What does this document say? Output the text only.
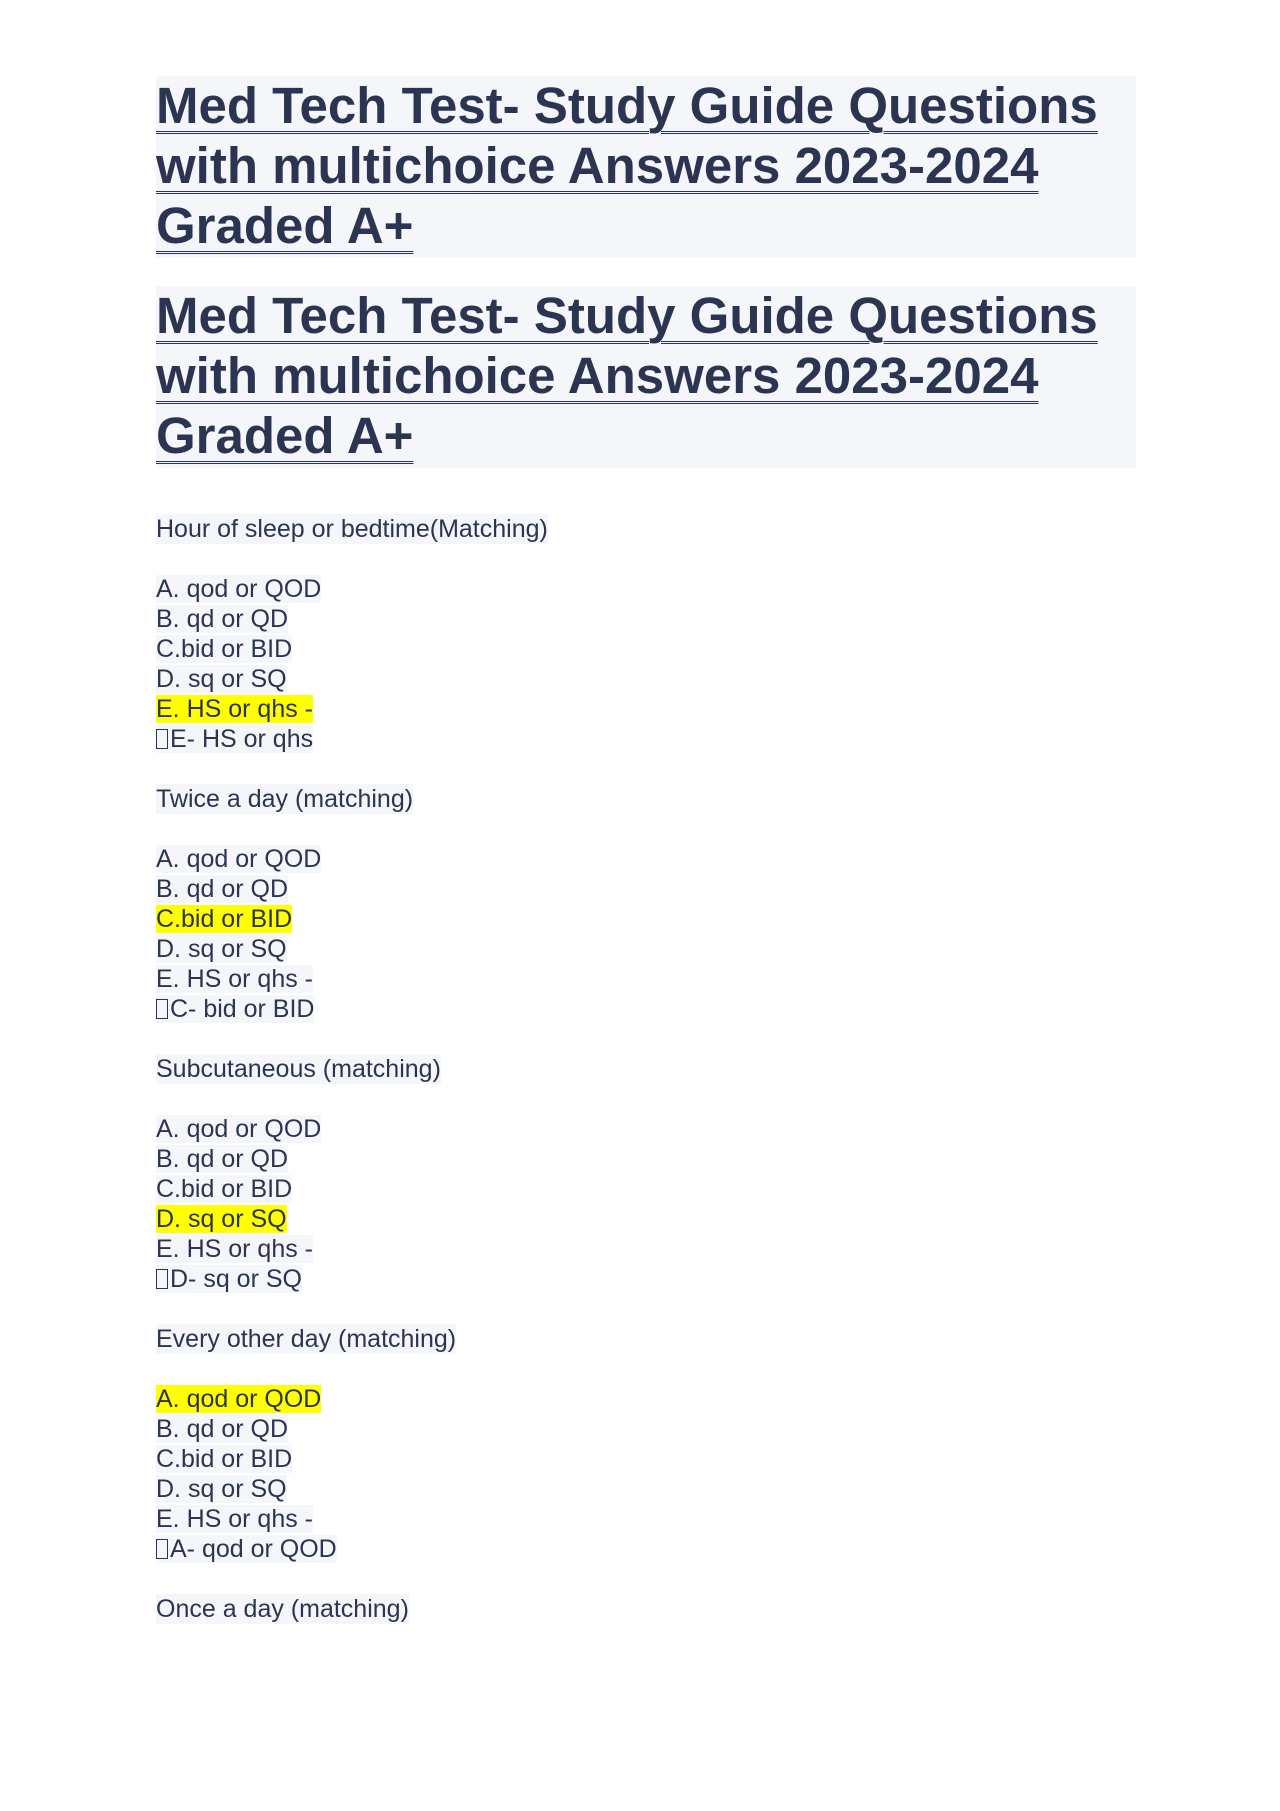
Med Tech Test- Study Guide Questions with multichoice Answers 2023-2024 Graded A+
Med Tech Test- Study Guide Questions with multichoice Answers 2023-2024 Graded A+

Hour of sleep or bedtime(Matching)

A. qod or QOD
B. qd or QD
C.bid or BID
D. sq or SQ
E. HS or qhs -
E- HS or qhs

Twice a day (matching)

A. qod or QOD
B. qd or QD
C.bid or BID
D. sq or SQ
E. HS or qhs -
C- bid or BID

Subcutaneous (matching)

A. qod or QOD
B. qd or QD
C.bid or BID
D. sq or SQ
E. HS or qhs -
D- sq or SQ

Every other day (matching)

A. qod or QOD
B. qd or QD
C.bid or BID
D. sq or SQ
E. HS or qhs -
A- qod or QOD

Once a day (matching)
